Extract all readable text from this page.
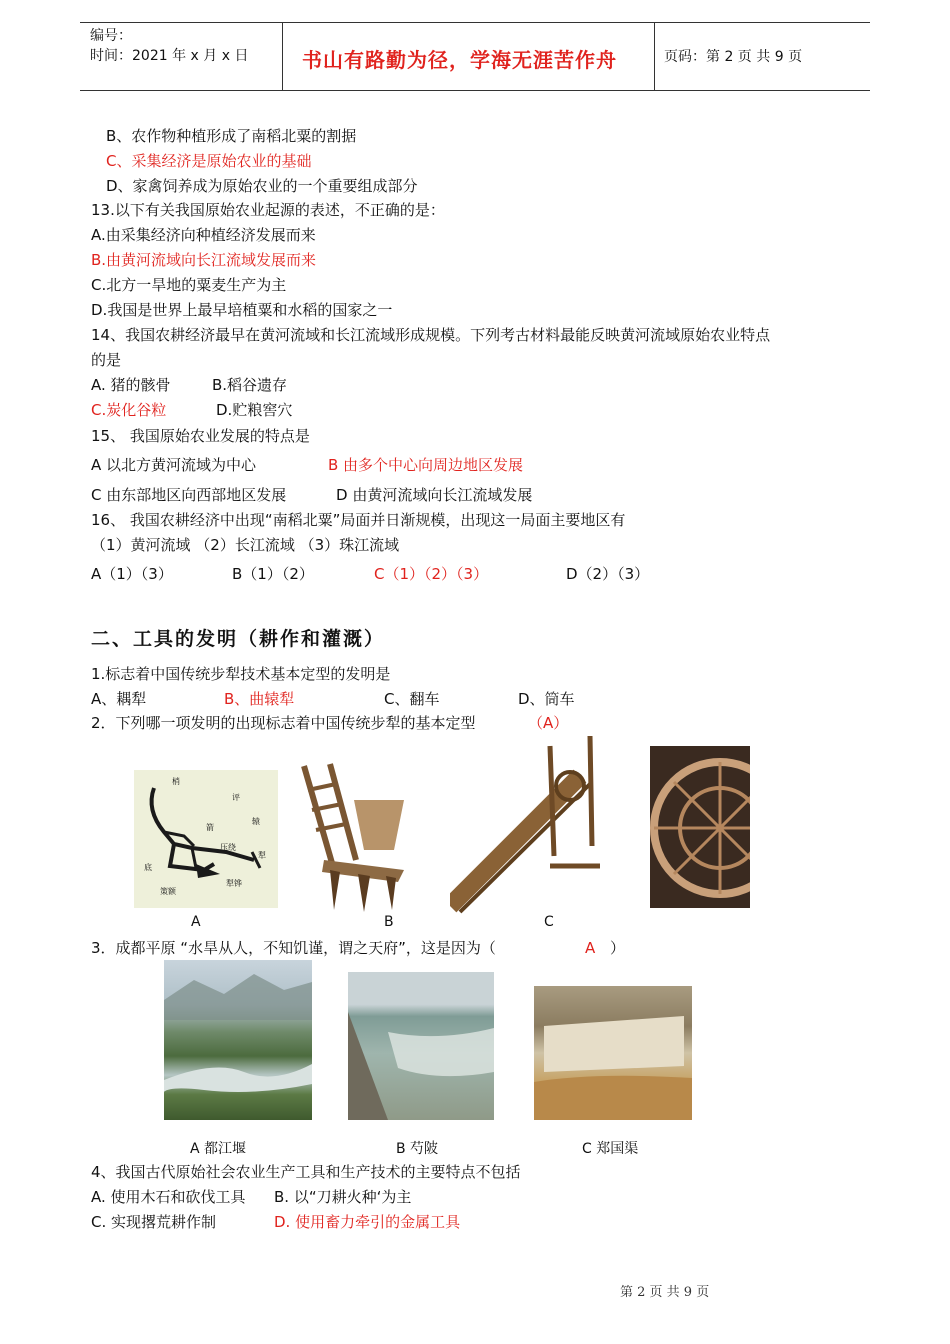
编号：
时间：2021 年 x 月 x 日	书山有路勤为径，学海无涯苦作舟	页码：第 2 页 共 9 页
B、农作物种植形成了南稻北粟的割据
C、采集经济是原始农业的基础
D、家禽饲养成为原始农业的一个重要组成部分
13.以下有关我国原始农业起源的表述，不正确的是：
A.由采集经济向种植经济发展而来
B.由黄河流域向长江流域发展而来
C.北方一旱地的粟麦生产为主
D.我国是世界上最早培植粟和水稻的国家之一
14、我国农耕经济最早在黄河流域和长江流域形成规模。下列考古材料最能反映黄河流域原始农业特点
的是
A. 猪的骸骨	B.稻谷遗存
C.炭化谷粒	D.贮粮窖穴
15、 我国原始农业发展的特点是
A 以北方黄河流域为中心	B 由多个中心向周边地区发展
C 由东部地区向西部地区发展	D 由黄河流域向长江流域发展
16、 我国农耕经济中出现“南稻北粟”局面并日渐规模，出现这一局面主要地区有
（1）黄河流域 （2）长江流域 （3）珠江流域
A（1）（3）	B（1）（2）	C（1）（2）（3）	D（2）（3）
二、工具的发明（耕作和灌溉）
1.标志着中国传统步犁技术基本定型的发明是
A、耦犁	B、曲辕犁	C、翻车	D、筒车
2．下列哪一项发明的出现标志着中国传统步犁的基本定型	（A）
梢
评
辕
箭
压绕
犁
底
策额
犁铧
A	B	C
3．成都平原 “水旱从人，不知饥谨，谓之天府”，这是因为（	A ）
A 都江堰	B 芍陂	C 郑国渠
4、我国古代原始社会农业生产工具和生产技术的主要特点不包括
A. 使用木石和砍伐工具 B. 以“刀耕火种‘为主
C. 实现撂荒耕作制	D. 使用畜力牵引的金属工具
第 2 页 共 9 页
